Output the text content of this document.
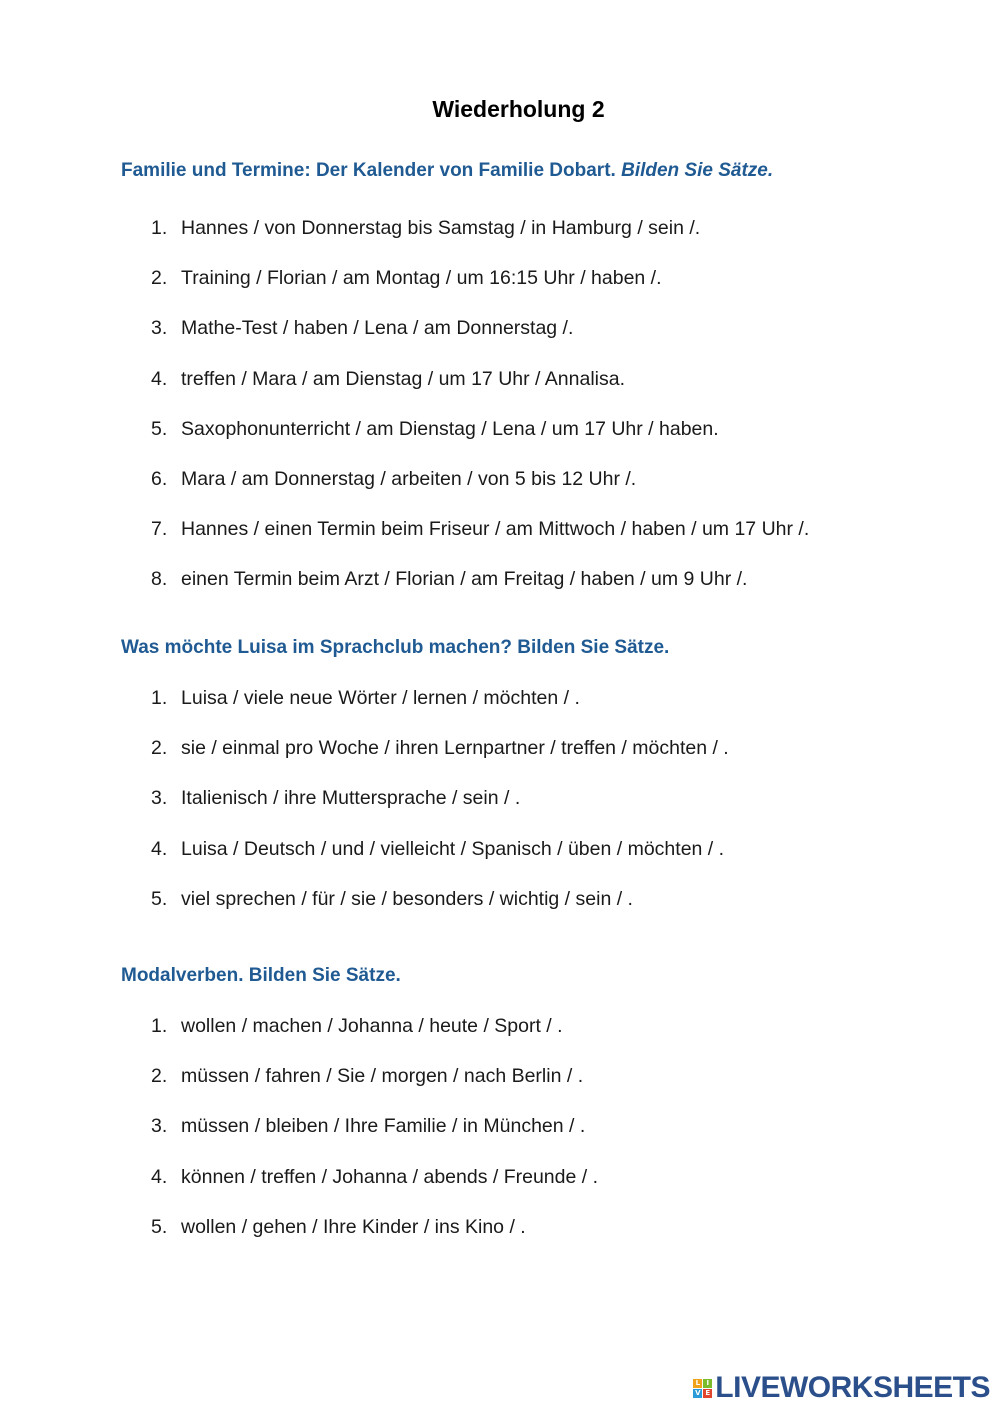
Wiederholung 2
Familie und Termine: Der Kalender von Familie Dobart. Bilden Sie Sätze.
1. Hannes / von Donnerstag bis Samstag / in Hamburg / sein /.
2. Training / Florian / am Montag / um 16:15 Uhr / haben /.
3. Mathe-Test / haben / Lena / am Donnerstag /.
4. treffen / Mara / am Dienstag / um 17 Uhr / Annalisa.
5. Saxophonunterricht / am Dienstag / Lena / um 17 Uhr / haben.
6. Mara / am Donnerstag / arbeiten / von 5 bis 12 Uhr /.
7. Hannes / einen Termin beim Friseur / am Mittwoch / haben / um 17 Uhr /.
8. einen Termin beim Arzt / Florian / am Freitag / haben / um 9 Uhr /.
Was möchte Luisa im Sprachclub machen? Bilden Sie Sätze.
1. Luisa / viele neue Wörter / lernen / möchten / .
2. sie / einmal pro Woche / ihren Lernpartner / treffen / möchten / .
3. Italienisch / ihre Muttersprache / sein / .
4. Luisa / Deutsch / und / vielleicht / Spanisch / üben / möchten / .
5. viel sprechen / für / sie / besonders / wichtig / sein / .
Modalverben. Bilden Sie Sätze.
1. wollen / machen / Johanna / heute / Sport / .
2. müssen / fahren / Sie / morgen / nach Berlin / .
3. müssen / bleiben / Ihre Familie / in München / .
4. können / treffen / Johanna / abends / Freunde / .
5. wollen / gehen / Ihre Kinder / ins Kino / .
L I
V E LIVEWORKSHEETS
